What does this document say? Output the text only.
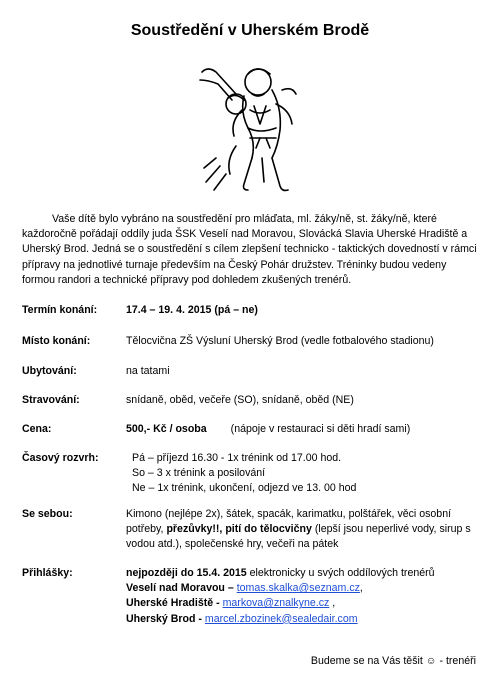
Soustředění v Uherském Brodě

Vaše dítě bylo vybráno na soustředění pro mláďata, ml. žáky/ně, st. žáky/ně, které každoročně pořádají oddíly juda ŠSK Veselí nad Moravou, Slovácká Slavia Uherské Hradiště a Uherský Brod. Jedná se o soustředění s cílem zlepšení technicko - taktických dovedností v rámci přípravy na jednotlivé turnaje především na Český Pohár družstev. Tréninky budou vedeny formou randori a technické přípravy pod dohledem zkušených trenérů.

Termín konání:	17.4 – 19. 4. 2015 (pá – ne)
Místo konání:	Tělocvična ZŠ Výsluní Uherský Brod (vedle fotbalového stadionu)
Ubytování:	na tatami
Stravování:	snídaně, oběd, večeře (SO), snídaně, oběd (NE)
Cena:	500,- Kč / osoba (nápoje v restauraci si děti hradí sami)
Časový rozvrh:	Pá – příjezd 16.30 - 1x trénink od 17.00 hod.
So – 3 x trénink a posilování
Ne – 1x trénink, ukončení, odjezd ve 13. 00 hod
Se sebou:	Kimono (nejlépe 2x), šátek, spacák, karimatku, polštářek, věci osobní potřeby, přezůvky!!, pití do tělocvičny (lepší jsou neperlivé vody, sirup s vodou atd.), společenské hry, večeři na pátek
Přihlášky:	nejpozději do 15.4. 2015 elektronicky u svých oddílových trenérů
Veselí nad Moravou – tomas.skalka@seznam.cz,
Uherské Hradiště - markova@znalkyne.cz ,
Uherský Brod - marcel.zbozinek@sealedair.com
Budeme se na Vás těšit ☺ - trenéři
